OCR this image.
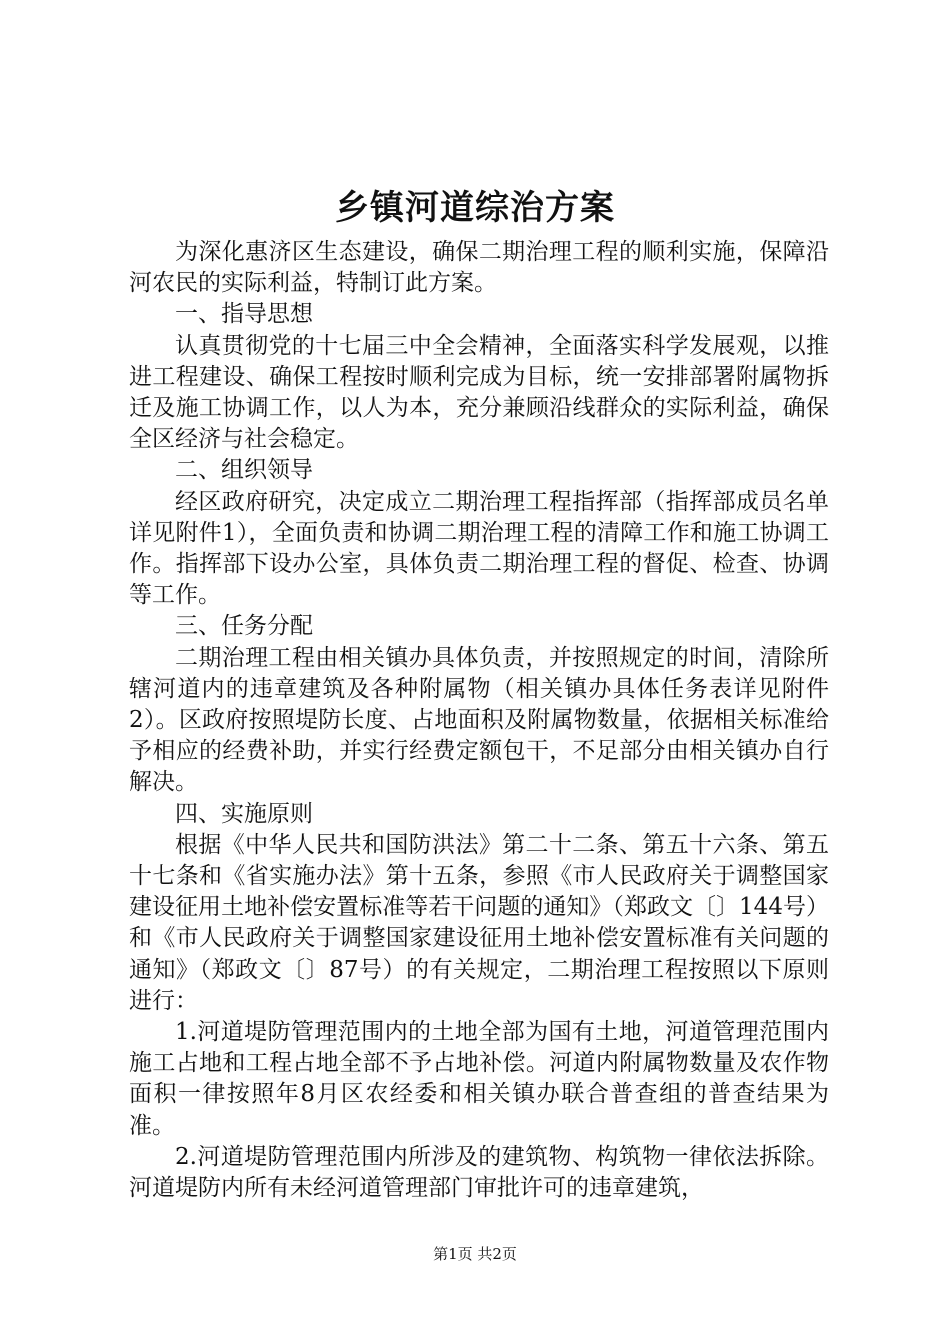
乡镇河道综治方案

为深化惠济区生态建设，确保二期治理工程的顺利实施，保障沿河农民的实际利益，特制订此方案。

一、指导思想

认真贯彻党的十七届三中全会精神，全面落实科学发展观，以推进工程建设、确保工程按时顺利完成为目标，统一安排部署附属物拆迁及施工协调工作，以人为本，充分兼顾沿线群众的实际利益，确保全区经济与社会稳定。

二、组织领导

经区政府研究，决定成立二期治理工程指挥部（指挥部成员名单详见附件1），全面负责和协调二期治理工程的清障工作和施工协调工作。指挥部下设办公室，具体负责二期治理工程的督促、检查、协调等工作。

三、任务分配

二期治理工程由相关镇办具体负责，并按照规定的时间，清除所辖河道内的违章建筑及各种附属物（相关镇办具体任务表详见附件2）。区政府按照堤防长度、占地面积及附属物数量，依据相关标准给予相应的经费补助，并实行经费定额包干，不足部分由相关镇办自行解决。

四、实施原则

根据《中华人民共和国防洪法》第二十二条、第五十六条、第五十七条和《省实施办法》第十五条，参照《市人民政府关于调整国家建设征用土地补偿安置标准等若干问题的通知》（郑政文〔〕144号）和《市人民政府关于调整国家建设征用土地补偿安置标准有关问题的通知》（郑政文〔〕87号）的有关规定，二期治理工程按照以下原则进行：

1.河道堤防管理范围内的土地全部为国有土地，河道管理范围内施工占地和工程占地全部不予占地补偿。河道内附属物数量及农作物面积一律按照年8月区农经委和相关镇办联合普查组的普查结果为准。

2.河道堤防管理范围内所涉及的建筑物、构筑物一律依法拆除。河道堤防内所有未经河道管理部门审批许可的违章建筑，

第1页 共2页
